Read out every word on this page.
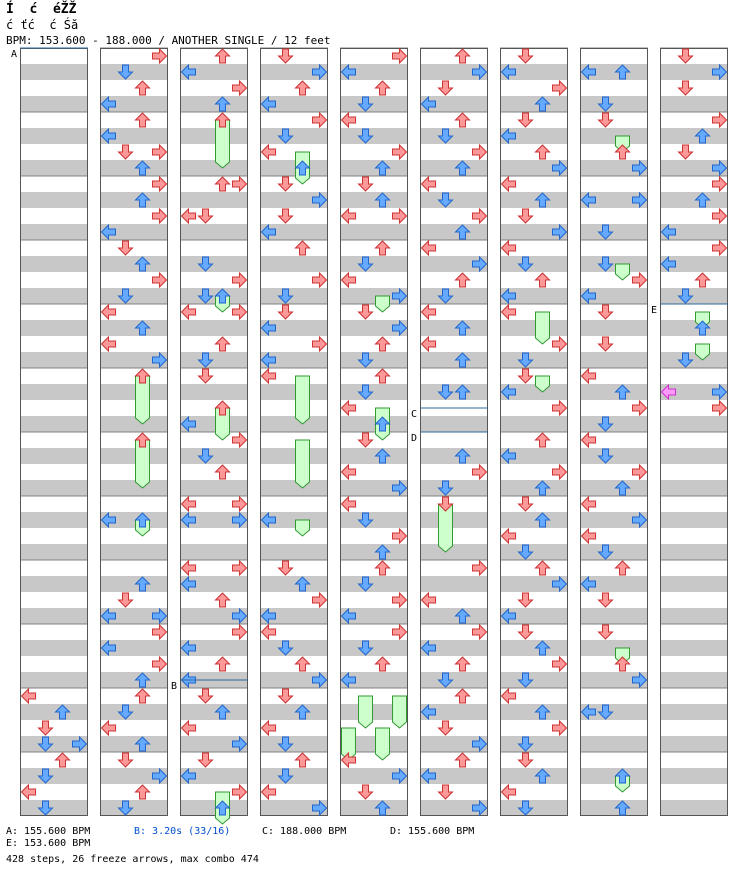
Í  ć  éŽŽ
ć ťć  ć Śă
BPM: 153.600 - 188.000 / ANOTHER SINGLE / 12 feet
A
B
C
D
E
A: 155.600 BPM	B: 3.20s (33/16)	C: 188.000 BPM	D: 155.600 BPM
E: 153.600 BPM
428 steps, 26 freeze arrows, max combo 474
